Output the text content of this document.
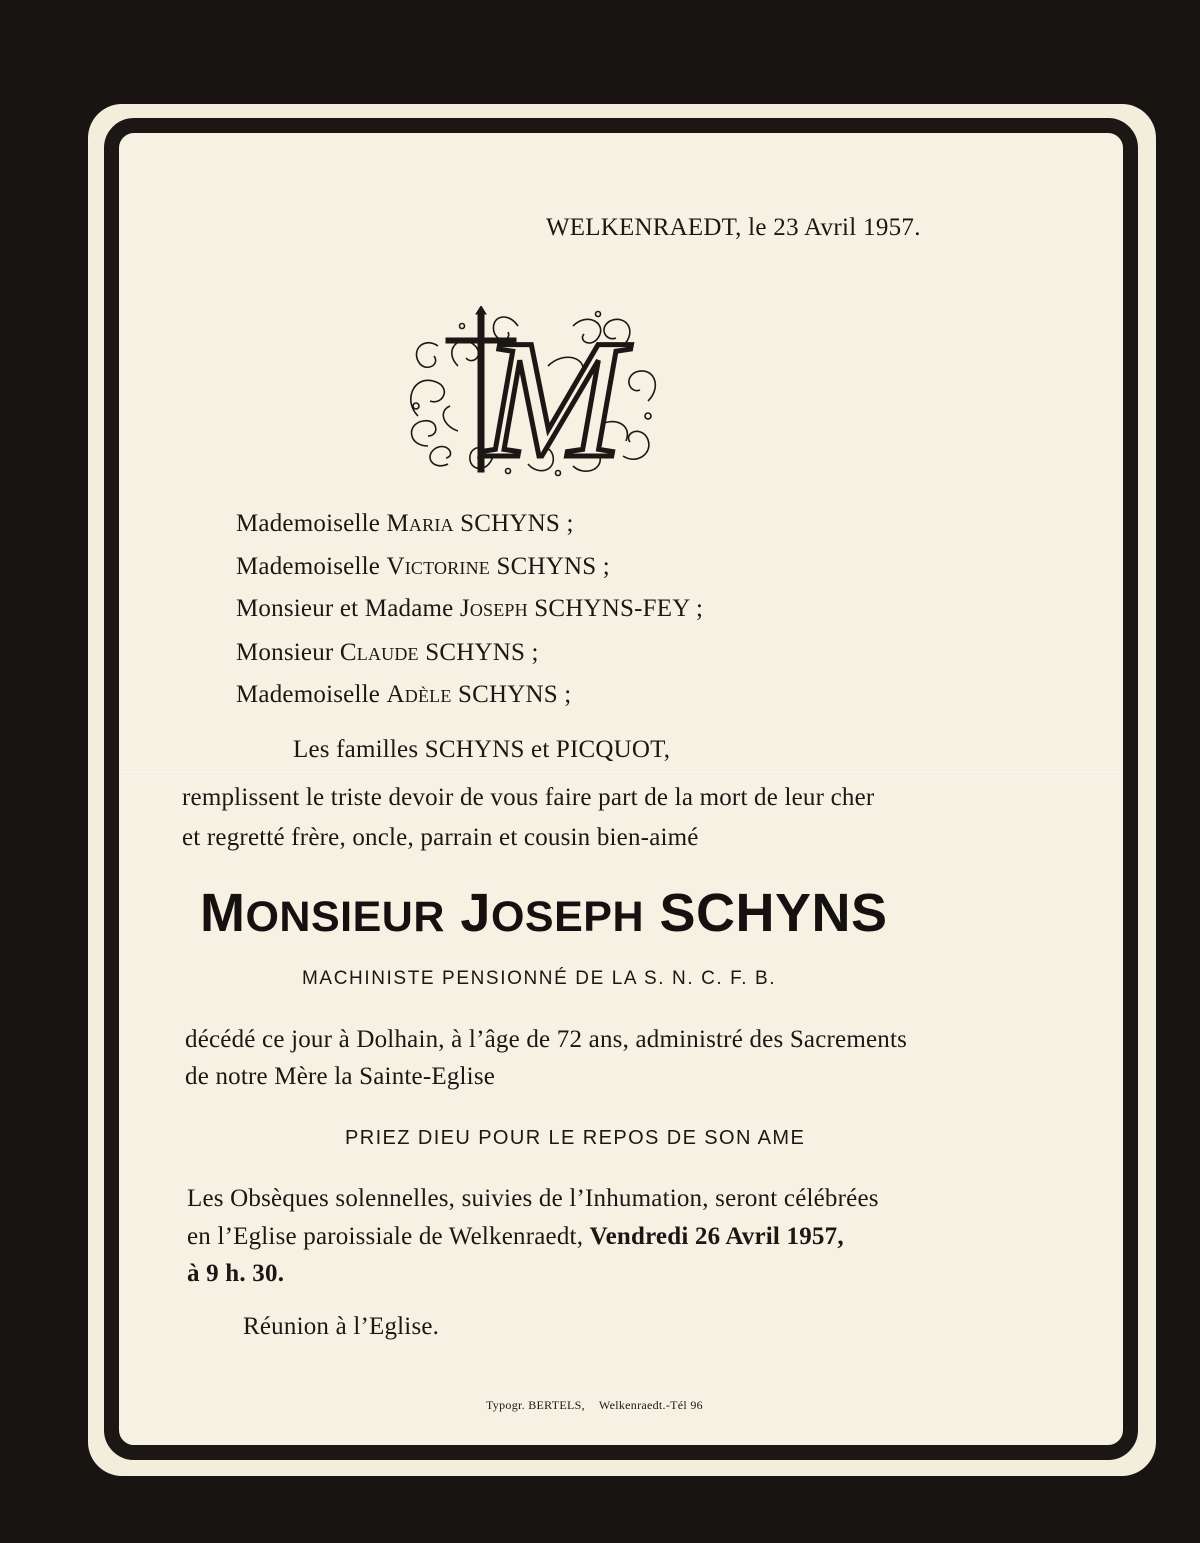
WELKENRAEDT, le 23 Avril 1957.
M
Mademoiselle Maria SCHYNS ;
Mademoiselle Victorine SCHYNS ;
Monsieur et Madame Joseph SCHYNS-FEY ;
Monsieur Claude SCHYNS ;
Mademoiselle Adèle SCHYNS ;
Les familles SCHYNS et PICQUOT,
remplissent le triste devoir de vous faire part de la mort de leur cher
et regretté frère, oncle, parrain et cousin bien-aimé
MONSIEUR JOSEPH SCHYNS
MACHINISTE PENSIONNÉ DE LA S. N. C. F. B.
décédé ce jour à Dolhain, à l’âge de 72 ans, administré des Sacrements
de notre Mère la Sainte-Eglise
PRIEZ DIEU POUR LE REPOS DE SON AME
Les Obsèques solennelles, suivies de l’Inhumation, seront célébrées
en l’Eglise paroissiale de Welkenraedt, Vendredi 26 Avril 1957,
à 9 h. 30.
Réunion à l’Eglise.
Typogr. BERTELS, Welkenraedt.-Tél 96
